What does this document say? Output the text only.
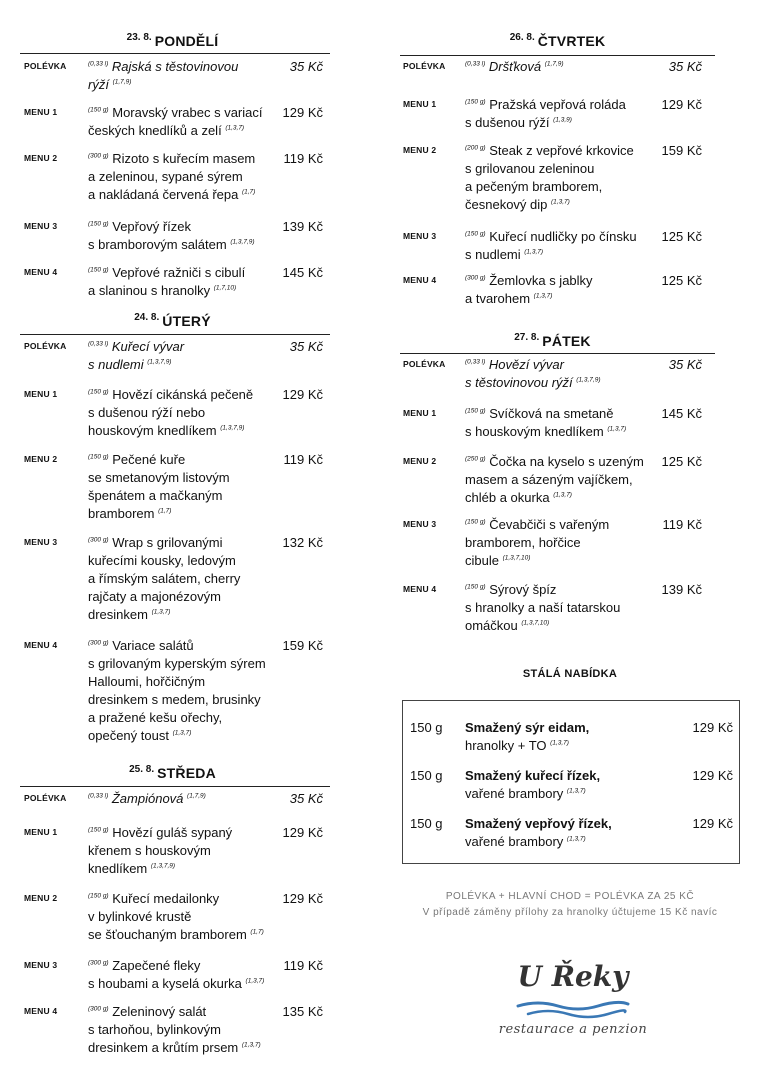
$^{23. 8.}$ PONDĚLÍ
POLÉVKA	$^{(0,33 l)}$ Rajská s těstovinovou
rýží $^{(1,7,9)}$
35 Kč
MENU 1	$^{(150 g)}$ Moravský vrabec s variací
českých knedlíků a zelí $^{(1,3,7)}$
129 Kč
MENU 2	$^{(300 g)}$ Rizoto s kuřecím masem
a zeleninou, sypané sýrem
a nakládaná červená řepa $^{(1,7)}$
119 Kč
MENU 3	$^{(150 g)}$ Vepřový řízek
s bramborovým salátem $^{(1,3,7,9)}$
139 Kč
MENU 4	$^{(150 g)}$ Vepřové ražniči s cibulí
a slaninou s hranolky $^{(1,7,10)}$
145 Kč
$^{24. 8.}$ ÚTERÝ
POLÉVKA	$^{(0,33 l)}$ Kuřecí vývar
s nudlemi $^{(1,3,7,9)}$
35 Kč
MENU 1	$^{(150 g)}$ Hovězí cikánská pečeně
s dušenou rýží nebo
houskovým knedlíkem $^{(1,3,7,9)}$
129 Kč
MENU 2	$^{(150 g)}$ Pečené kuře
se smetanovým listovým
špenátem a mačkaným
bramborem $^{(1,7)}$
119 Kč
MENU 3	$^{(300 g)}$ Wrap s grilovanými
kuřecími kousky, ledovým
a římským salátem, cherry
rajčaty a majonézovým
dresinkem $^{(1,3,7)}$
132 Kč
MENU 4	$^{(300 g)}$ Variace salátů
s grilovaným kyperským sýrem
Halloumi, hořčičným
dresinkem s medem, brusinky
a pražené kešu ořechy,
opečený toust $^{(1,3,7)}$
159 Kč
$^{25. 8.}$ STŘEDA
POLÉVKA	$^{(0,33 l)}$ Žampiónová $^{(1,7,9)}$	35 Kč
MENU 1	$^{(150 g)}$ Hovězí guláš sypaný
křenem s houskovým
knedlíkem $^{(1,3,7,9)}$
129 Kč
MENU 2	$^{(150 g)}$ Kuřecí medailonky
v bylinkové krustě
se šťouchaným bramborem $^{(1,7)}$
129 Kč
MENU 3	$^{(300 g)}$ Zapečené fleky
s houbami a kyselá okurka $^{(1,3,7)}$
119 Kč
MENU 4	$^{(300 g)}$ Zeleninový salát
s tarhoňou, bylinkovým
dresinkem a krůtím prsem $^{(1,3,7)}$
135 Kč
$^{26. 8.}$ ČTVRTEK
POLÉVKA	$^{(0,33 l)}$ Dršťková $^{(1,7,9)}$	35 Kč
MENU 1	$^{(150 g)}$ Pražská vepřová roláda
s dušenou rýží $^{(1,3,9)}$
129 Kč
MENU 2	$^{(200 g)}$ Steak z vepřové krkovice
s grilovanou zeleninou
a pečeným bramborem,
česnekový dip $^{(1,3,7)}$
159 Kč
MENU 3	$^{(150 g)}$ Kuřecí nudličky po čínsku
s nudlemi $^{(1,3,7)}$
125 Kč
MENU 4	$^{(300 g)}$ Žemlovka s jablky
a tvarohem $^{(1,3,7)}$
125 Kč
$^{27. 8.}$ PÁTEK
POLÉVKA	$^{(0,33 l)}$ Hovězí vývar
s těstovinovou rýží $^{(1,3,7,9)}$
35 Kč
MENU 1	$^{(150 g)}$ Svíčková na smetaně
s houskovým knedlíkem $^{(1,3,7)}$
145 Kč
MENU 2	$^{(250 g)}$ Čočka na kyselo s uzeným
masem a sázeným vajíčkem,
chléb a okurka $^{(1,3,7)}$
125 Kč
MENU 3	$^{(150 g)}$ Čevabčiči s vařeným
bramborem, hořčice
cibule $^{(1,3,7,10)}$
119 Kč
MENU 4	$^{(150 g)}$ Sýrový špíz
s hranolky a naší tatarskou
omáčkou $^{(1,3,7,10)}$
139 Kč
STÁLÁ NABÍDKA
150 g Smažený sýr eidam,
hranolky + TO $^{(1,3,7)}$
129 Kč
150 g Smažený kuřecí řízek,
vařené brambory $^{(1,3,7)}$
129 Kč
150 g Smažený vepřový řízek,
vařené brambory $^{(1,3,7)}$
129 Kč
POLÉVKA + HLAVNÍ CHOD = POLÉVKA ZA 25 KČ
V případě záměny přílohy za hranolky účtujeme 15 Kč navíc
U Řeky
restaurace a penzion
